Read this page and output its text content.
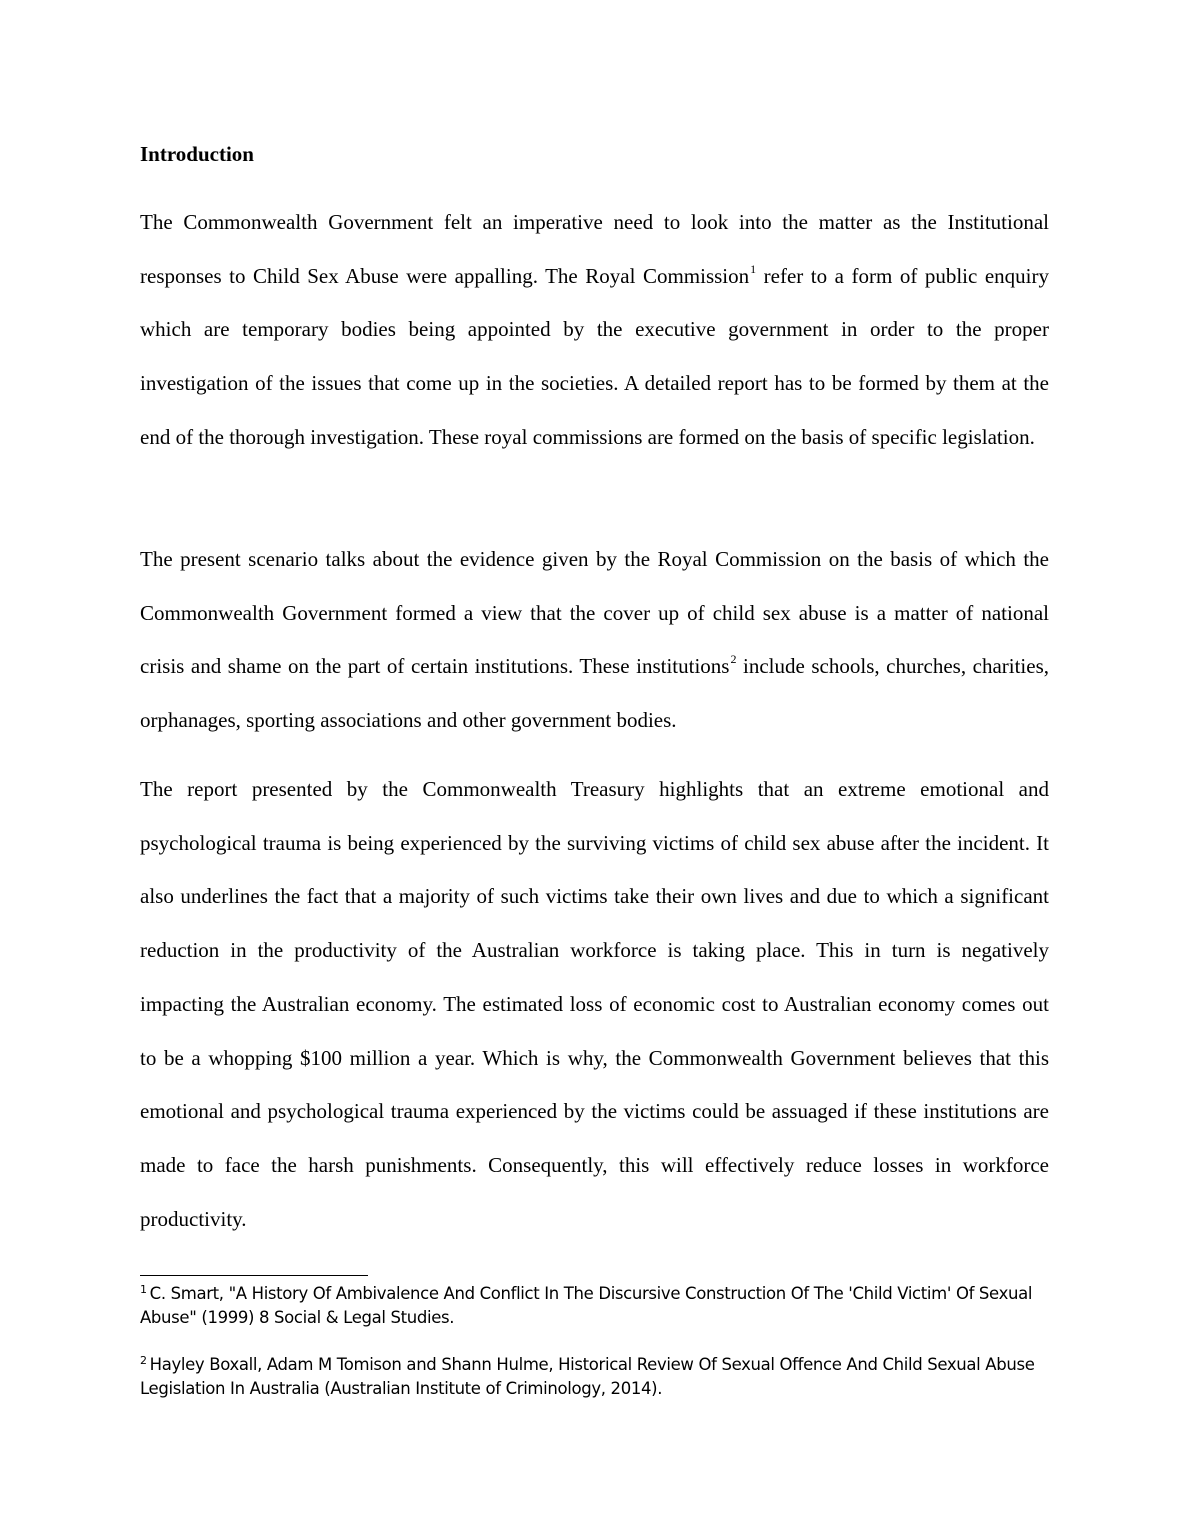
Introduction

The Commonwealth Government felt an imperative need to look into the matter as the Institutional responses to Child Sex Abuse were appalling. The Royal Commission$^1$ refer to a form of public enquiry which are temporary bodies being appointed by the executive government in order to the proper investigation of the issues that come up in the societies. A detailed report has to be formed by them at the end of the thorough investigation. These royal commissions are formed on the basis of specific legislation.

The present scenario talks about the evidence given by the Royal Commission on the basis of which the Commonwealth Government formed a view that the cover up of child sex abuse is a matter of national crisis and shame on the part of certain institutions. These institutions$^2$ include schools, churches, charities, orphanages, sporting associations and other government bodies.

The report presented by the Commonwealth Treasury highlights that an extreme emotional and psychological trauma is being experienced by the surviving victims of child sex abuse after the incident. It also underlines the fact that a majority of such victims take their own lives and due to which a significant reduction in the productivity of the Australian workforce is taking place. This in turn is negatively impacting the Australian economy. The estimated loss of economic cost to Australian economy comes out to be a whopping $100 million a year. Which is why, the Commonwealth Government believes that this emotional and psychological trauma experienced by the victims could be assuaged if these institutions are made to face the harsh punishments. Consequently, this will effectively reduce losses in workforce productivity.

$^1$ C. Smart, "A History Of Ambivalence And Conflict In The Discursive Construction Of The 'Child Victim' Of Sexual Abuse" (1999) 8 Social & Legal Studies.

$^2$ Hayley Boxall, Adam M Tomison and Shann Hulme, Historical Review Of Sexual Offence And Child Sexual Abuse Legislation In Australia (Australian Institute of Criminology, 2014).
